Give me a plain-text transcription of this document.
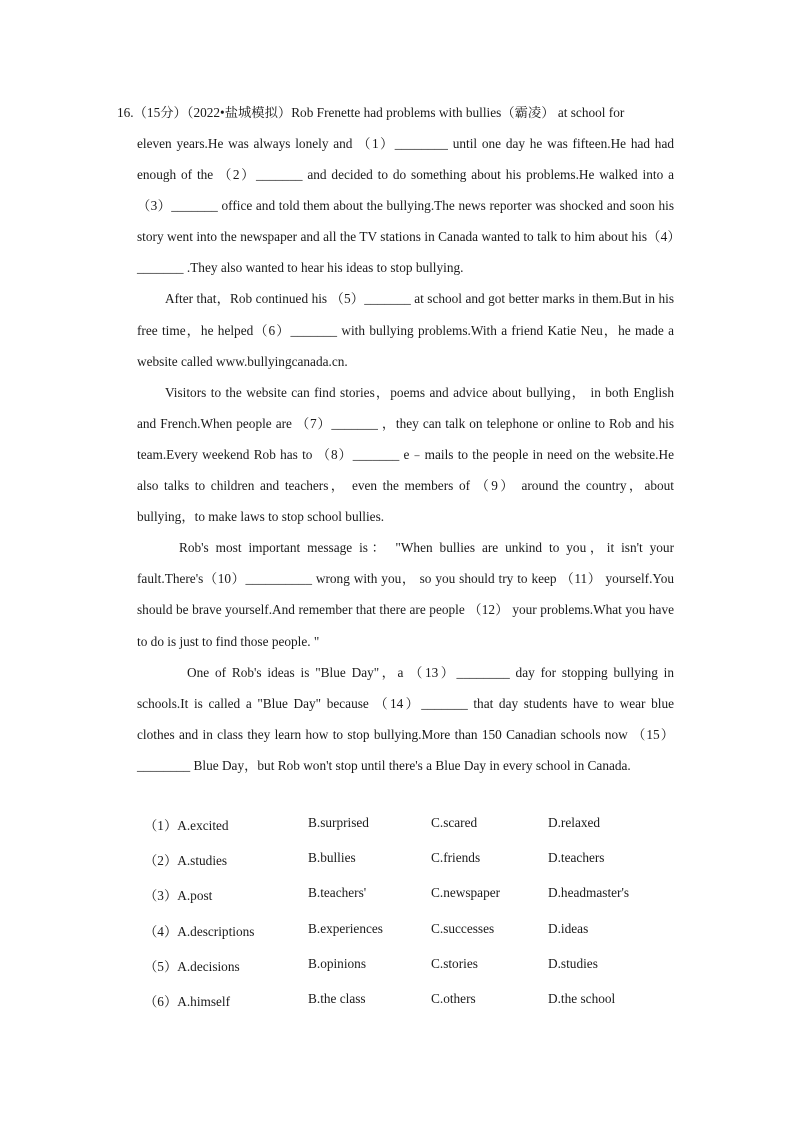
16.（15分）（2022•盐城模拟）Rob Frenette had problems with bullies（霸凌） at school for

eleven years.He was always lonely and （1）________ until one day he was fifteen.He had had enough of the （2）_______ and decided to do something about his problems.He walked into a （3）_______ office and told them about the bullying.The news reporter was shocked and soon his story went into the newspaper and all the TV stations in Canada wanted to talk to him about his（4）_______ .They also wanted to hear his ideas to stop bullying.

After that，Rob continued his （5）_______ at school and got better marks in them.But in his free time，he helped（6）_______ with bullying problems.With a friend Katie Neu，he made a website called www.bullyingcanada.cn.

Visitors to the website can find stories，poems and advice about bullying， in both English and French.When people are （7）_______ ，they can talk on telephone or online to Rob and his team.Every weekend Rob has to （8）_______ e﹣mails to the people in need on the website.He also talks to children and teachers， even the members of （9） around the country，about bullying，to make laws to stop school bullies.

Rob's most important message is： "When bullies are unkind to you，it isn't your fault.There's（10）__________ wrong with you， so you should try to keep （11） yourself.You should be brave yourself.And remember that there are people （12） your problems.What you have to do is just to find those people. "

One of Rob's ideas is "Blue Day"，a （13）________ day for stopping bullying in schools.It is called a "Blue Day" because （14）_______ that day students have to wear blue clothes and in class they learn how to stop bullying.More than 150 Canadian schools now （15）________ Blue Day，but Rob won't stop until there's a Blue Day in every school in Canada.

（1）A.excited	B.surprised	C.scared	D.relaxed
（2）A.studies	B.bullies	C.friends	D.teachers
（3）A.post	B.teachers'	C.newspaper	D.headmaster's
（4）A.descriptions	B.experiences	C.successes	D.ideas
（5）A.decisions	B.opinions	C.stories	D.studies
（6）A.himself	B.the class	C.others	D.the school
